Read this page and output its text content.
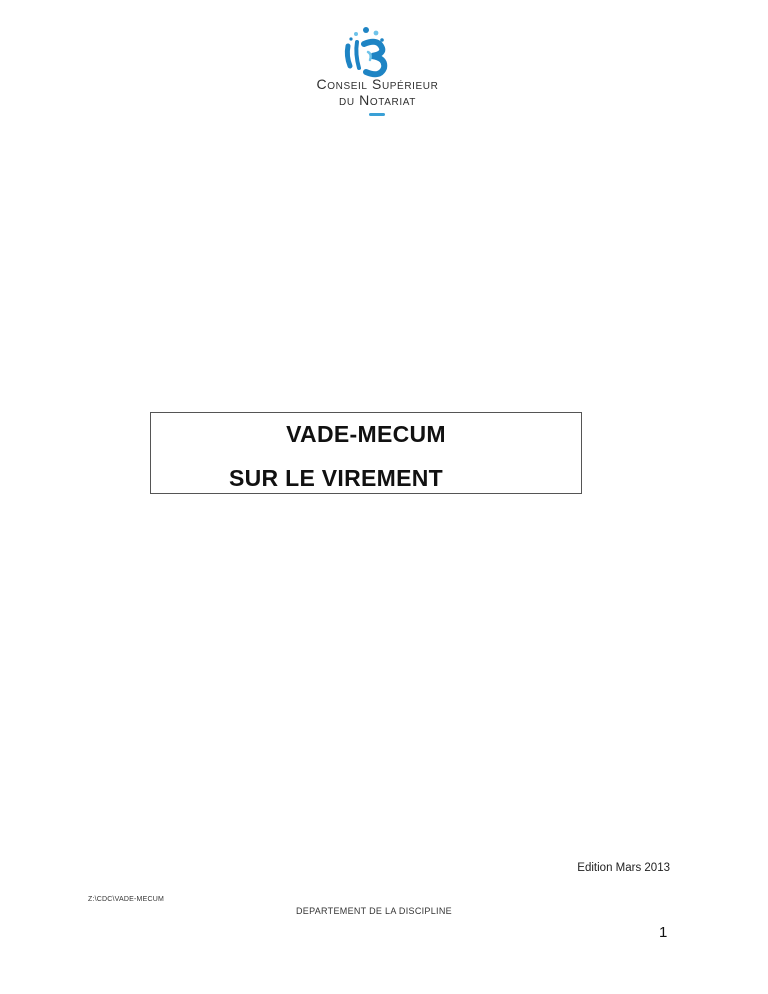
Conseil Supérieur
du Notariat
VADE-MECUM
SUR LE VIREMENT
Edition Mars 2013
Z:\CDC\VADE-MECUM
DEPARTEMENT DE LA DISCIPLINE
1
